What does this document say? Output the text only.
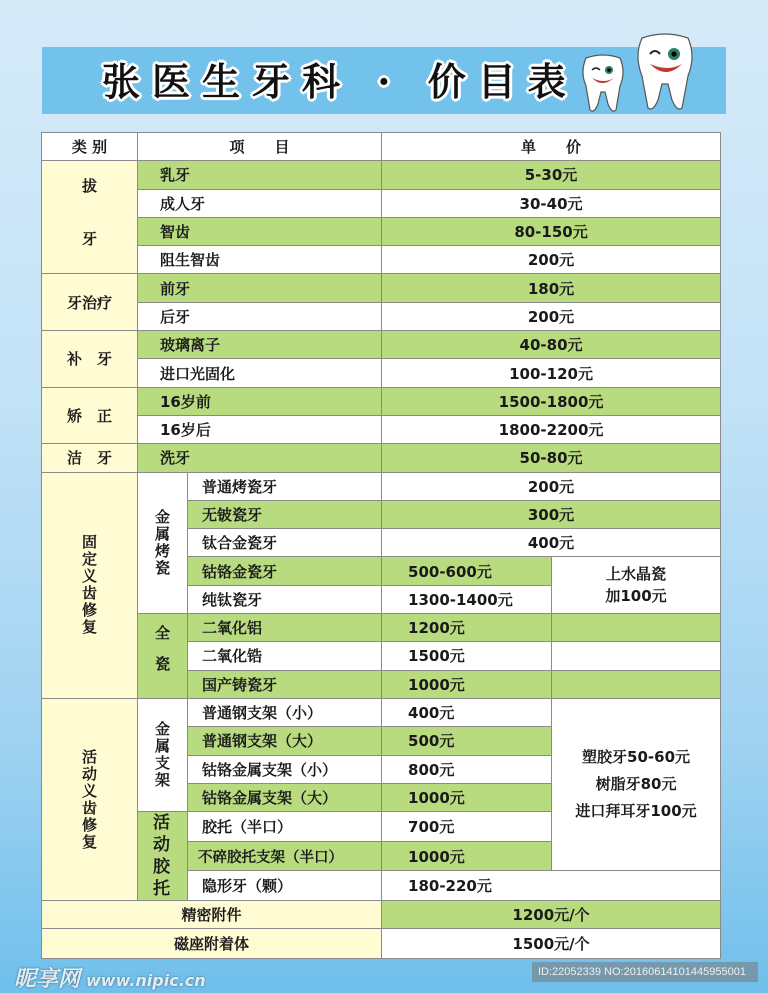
张医生牙科 · 价目表
类 别	项　　目		单　　价	

拔 牙	乳牙		5-30元	
	成人牙		30-40元	
	智齿		80-150元	
	阻生智齿		200元	
牙治疗	前牙		180元	
	后牙		200元	
补　牙	玻璃离子		40-80元	
	进口光固化		100-120元	
矫　正	16岁前		1500-1800元	
	16岁后		1800-2200元	
洁　牙	洗牙		50-80元	

固定义齿修复	金属烤瓷	普通烤瓷牙	200元	
		无铍瓷牙	300元	
		钛合金瓷牙	400元	
		钴铬金瓷牙	500-600元	上水晶瓷
加100元

		纯钛瓷牙	1300-1400元	

	全瓷	二氧化铝	1200元	
		二氧化锆	1500元	
		国产铸瓷牙	1000元	

活动义齿修复	金属支架	普通钢支架（小）	400元	塑胶牙50-60元
树脂牙80元
进口拜耳牙100元

		普通钢支架（大）	500元	
		钴铬金属支架（小）	800元	
		钴铬金属支架（大）	1000元	

	活动胶托	胶托（半口）	700元	
		不碎胶托支架（半口）	1000元	
		隐形牙（颗）	180-220元	
精密附件			1200元/个	
磁座附着体			1500元/个	
昵享网 www.nipic.cn	ID:22052339 NO:20160614101445955001
